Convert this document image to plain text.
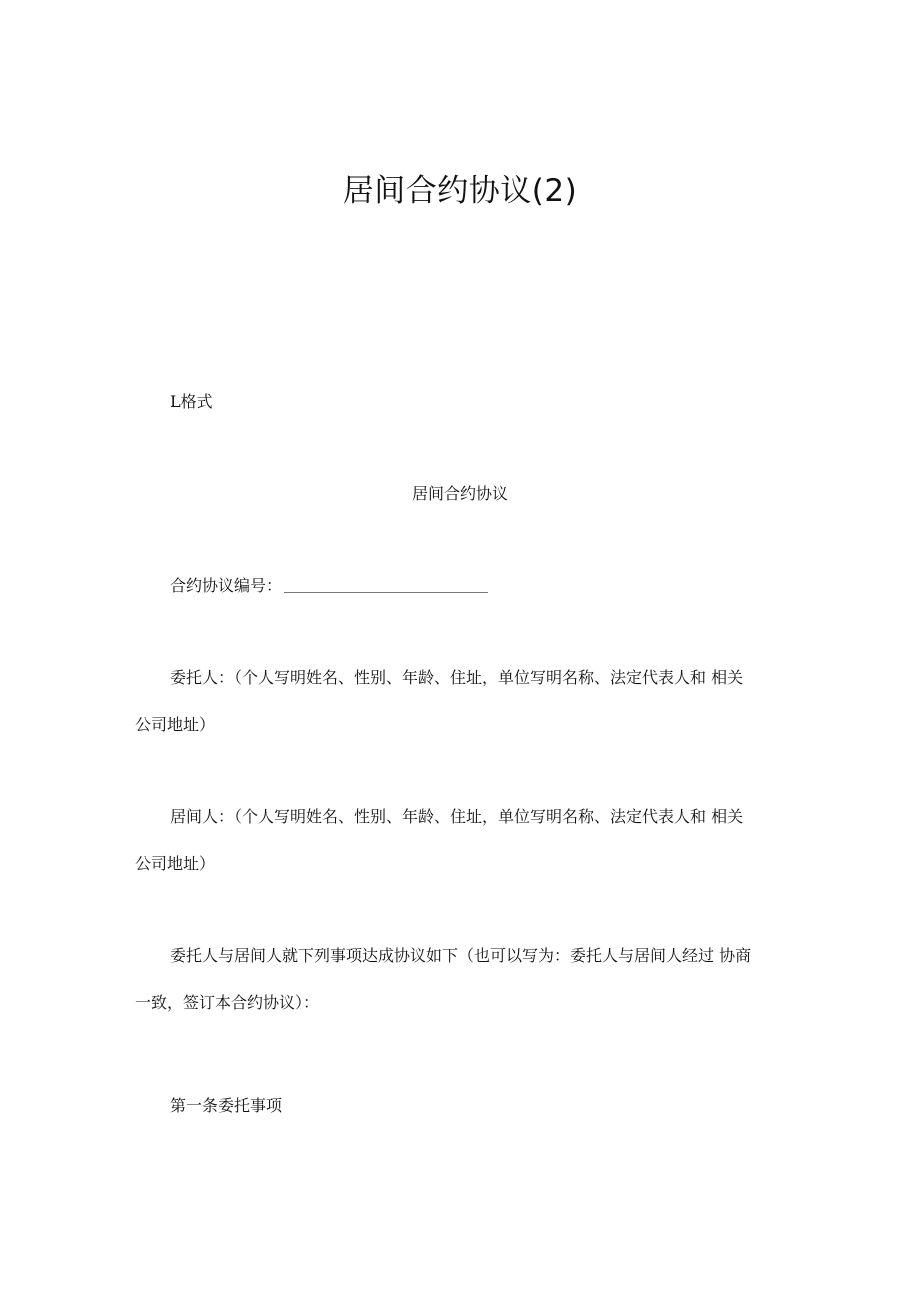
居间合约协议(2)
L格式
居间合约协议
合约协议编号：
委托人：（个人写明姓名、性别、年龄、住址，单位写明名称、法定代表人和 相关
公司地址）
居间人：（个人写明姓名、性别、年龄、住址，单位写明名称、法定代表人和 相关
公司地址）
委托人与居间人就下列事项达成协议如下（也可以写为：委托人与居间人经过 协商
一致，签订本合约协议）：
第一条委托事项
